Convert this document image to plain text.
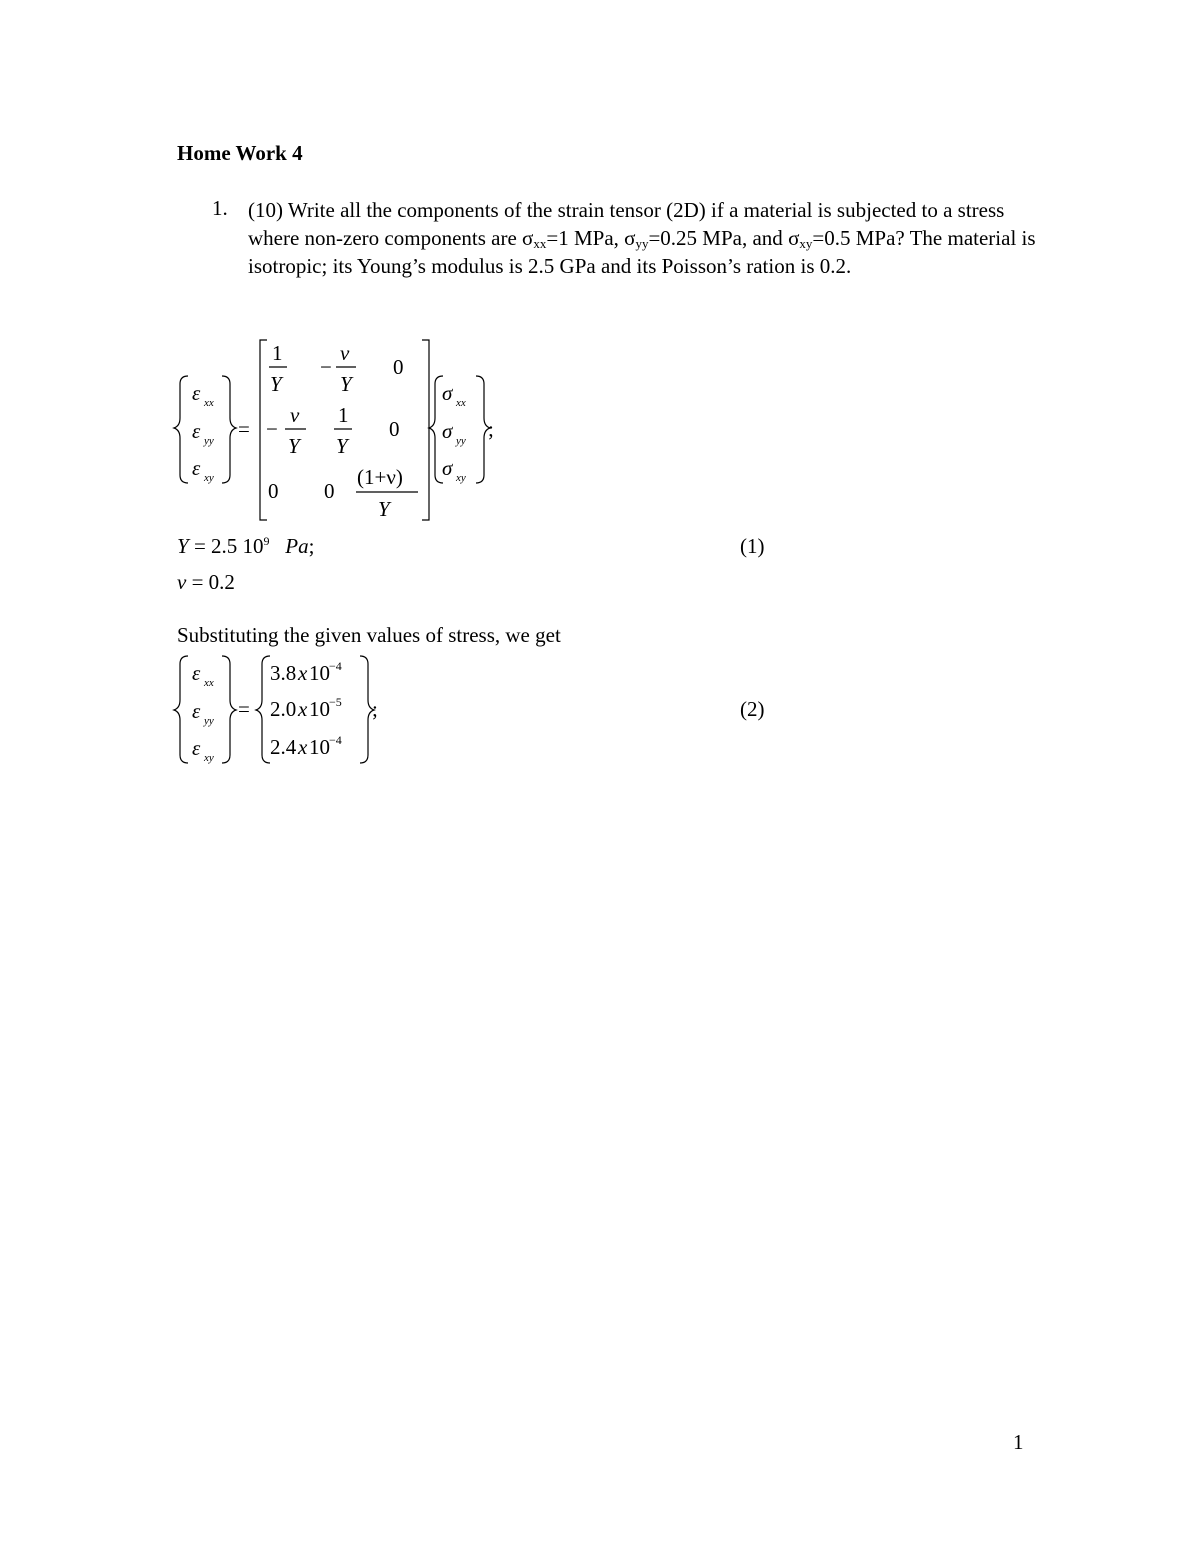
Home Work 4
1. (10) Write all the components of the strain tensor (2D) if a material is subjected to a stress where non-zero components are $\sigma_{xx}=1$ MPa, $\sigma_{yy}=0.25$ MPa, and $\sigma_{xy}=0.5$ MPa? The material is isotropic; its Young’s modulus is 2.5 GPa and its Poisson’s ration is 0.2.
ε xx
ε yy
ε xy
=
1
Y
−
ν
Y
0
−
ν
Y
1
Y
0
0 0
(1+ν)
Y
σ xx
σ yy
σ xy
;
Y = 2.5 $10^9$ Pa;	(1)
ν = 0.2
Substituting the given values of stress, we get
ε xx
ε yy
ε xy
=
3.8 x 10 −4
2.0 x 10 −5
2.4 x 10 −4
;	(2)
1
